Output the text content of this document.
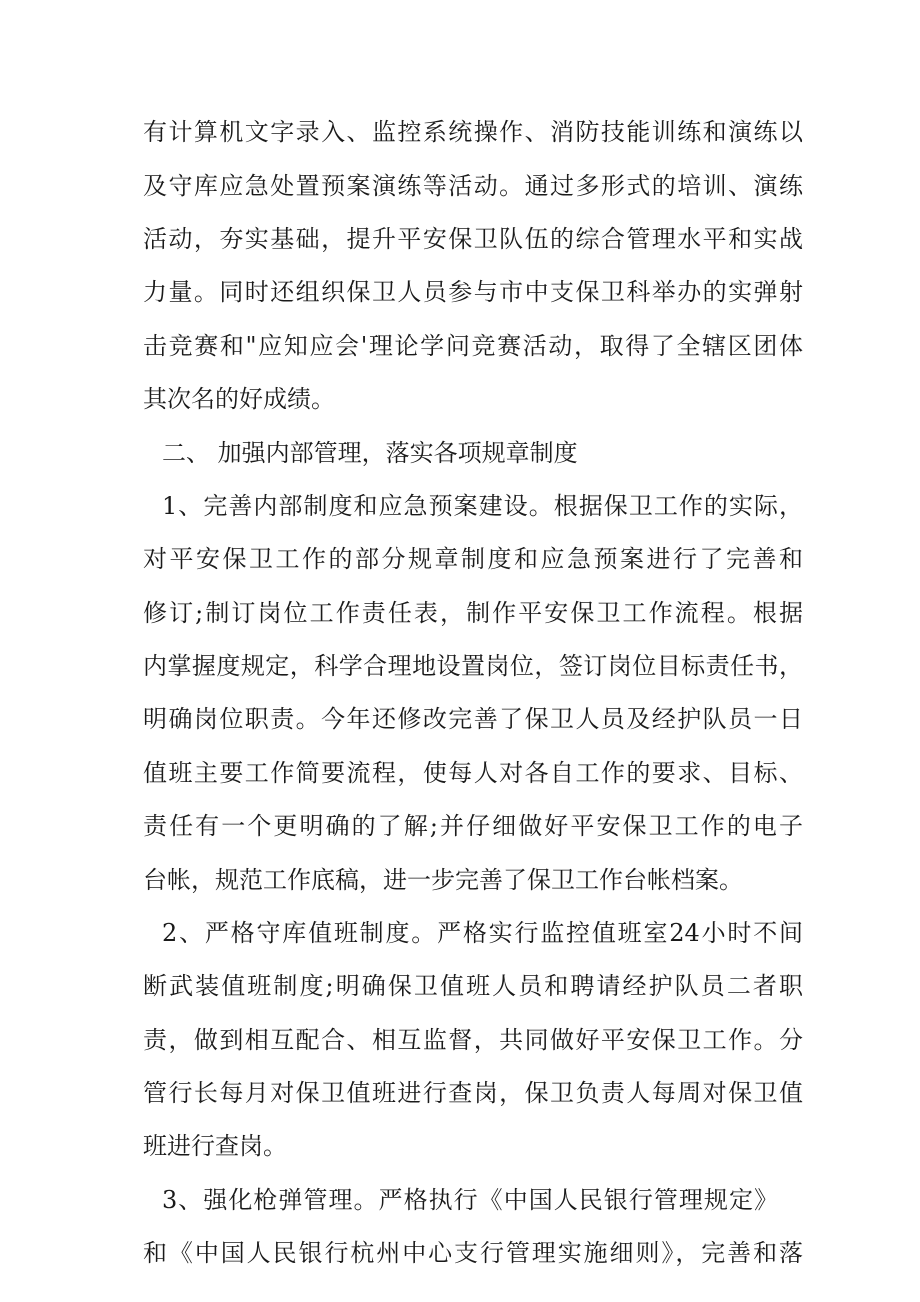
有计算机文字录入、监控系统操作、消防技能训练和演练以
及守库应急处置预案演练等活动。通过多形式的培训、演练
活动，夯实基础，提升平安保卫队伍的综合管理水平和实战
力量。同时还组织保卫人员参与市中支保卫科举办的实弹射
击竞赛和"应知应会'理论学问竞赛活动，取得了全辖区团体
其次名的好成绩。
二、 加强内部管理，落实各项规章制度
1、完善内部制度和应急预案建设。根据保卫工作的实际，
对平安保卫工作的部分规章制度和应急预案进行了完善和
修订;制订岗位工作责任表，制作平安保卫工作流程。根据
内掌握度规定，科学合理地设置岗位，签订岗位目标责任书，
明确岗位职责。今年还修改完善了保卫人员及经护队员一日
值班主要工作简要流程，使每人对各自工作的要求、目标、
责任有一个更明确的了解;并仔细做好平安保卫工作的电子
台帐，规范工作底稿，进一步完善了保卫工作台帐档案。
2、严格守库值班制度。严格实行监控值班室24小时不间
断武装值班制度;明确保卫值班人员和聘请经护队员二者职
责，做到相互配合、相互监督，共同做好平安保卫工作。分
管行长每月对保卫值班进行查岗，保卫负责人每周对保卫值
班进行查岗。
3、强化枪弹管理。严格执行《中国人民银行管理规定》
和《中国人民银行杭州中心支行管理实施细则》，完善和落
